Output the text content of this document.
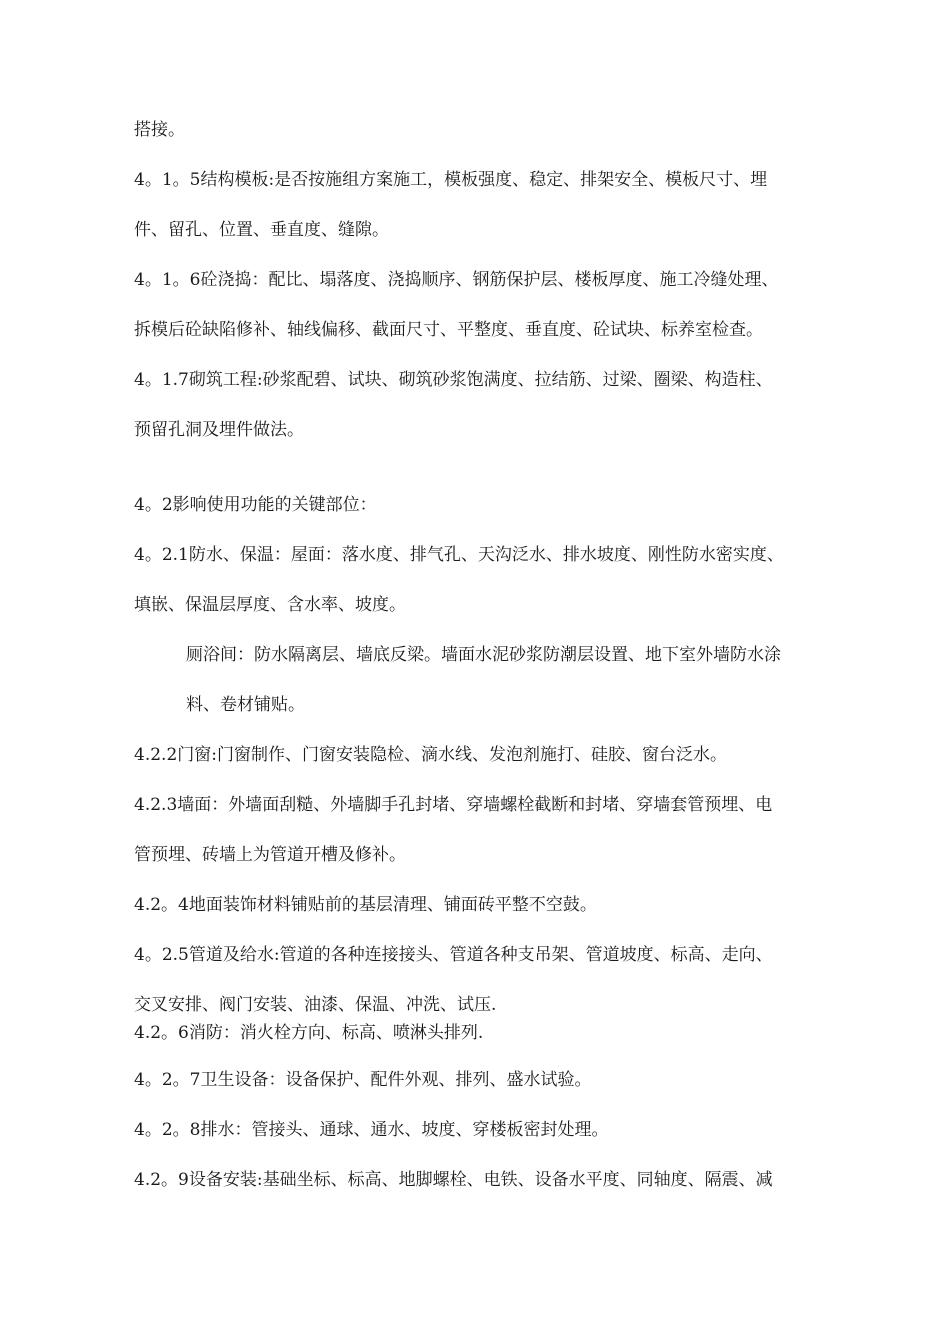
搭接。
4。1。5结构模板:是否按施组方案施工，模板强度、稳定、排架安全、模板尺寸、埋
件、留孔、位置、垂直度、缝隙。
4。1。6砼浇捣：配比、塌落度、浇捣顺序、钢筋保护层、楼板厚度、施工冷缝处理、
拆模后砼缺陷修补、轴线偏移、截面尺寸、平整度、垂直度、砼试块、标养室检查。
4。1.7砌筑工程:砂浆配碧、试块、砌筑砂浆饱满度、拉结筋、过梁、圈梁、构造柱、
预留孔洞及埋件做法。
4。2影响使用功能的关键部位：
4。2.1防水、保温：屋面：落水度、排气孔、天沟泛水、排水坡度、刚性防水密实度、
填嵌、保温层厚度、含水率、坡度。
厕浴间：防水隔离层、墙底反梁。墙面水泥砂浆防潮层设置、地下室外墙防水涂
料、卷材铺贴。
4.2.2门窗:门窗制作、门窗安装隐检、滴水线、发泡剂施打、硅胶、窗台泛水。
4.2.3墙面：外墙面刮糙、外墙脚手孔封堵、穿墙螺栓截断和封堵、穿墙套管预埋、电
管预埋、砖墙上为管道开槽及修补。
4.2。4地面装饰材料铺贴前的基层清理、铺面砖平整不空鼓。
4。2.5管道及给水:管道的各种连接接头、管道各种支吊架、管道坡度、标高、走向、
交叉安排、阀门安装、油漆、保温、冲洗、试压.
4.2。6消防：消火栓方向、标高、喷淋头排列.
4。2。7卫生设备：设备保护、配件外观、排列、盛水试验。
4。2。8排水：管接头、通球、通水、坡度、穿楼板密封处理。
4.2。9设备安装:基础坐标、标高、地脚螺栓、电铁、设备水平度、同轴度、隔震、减
